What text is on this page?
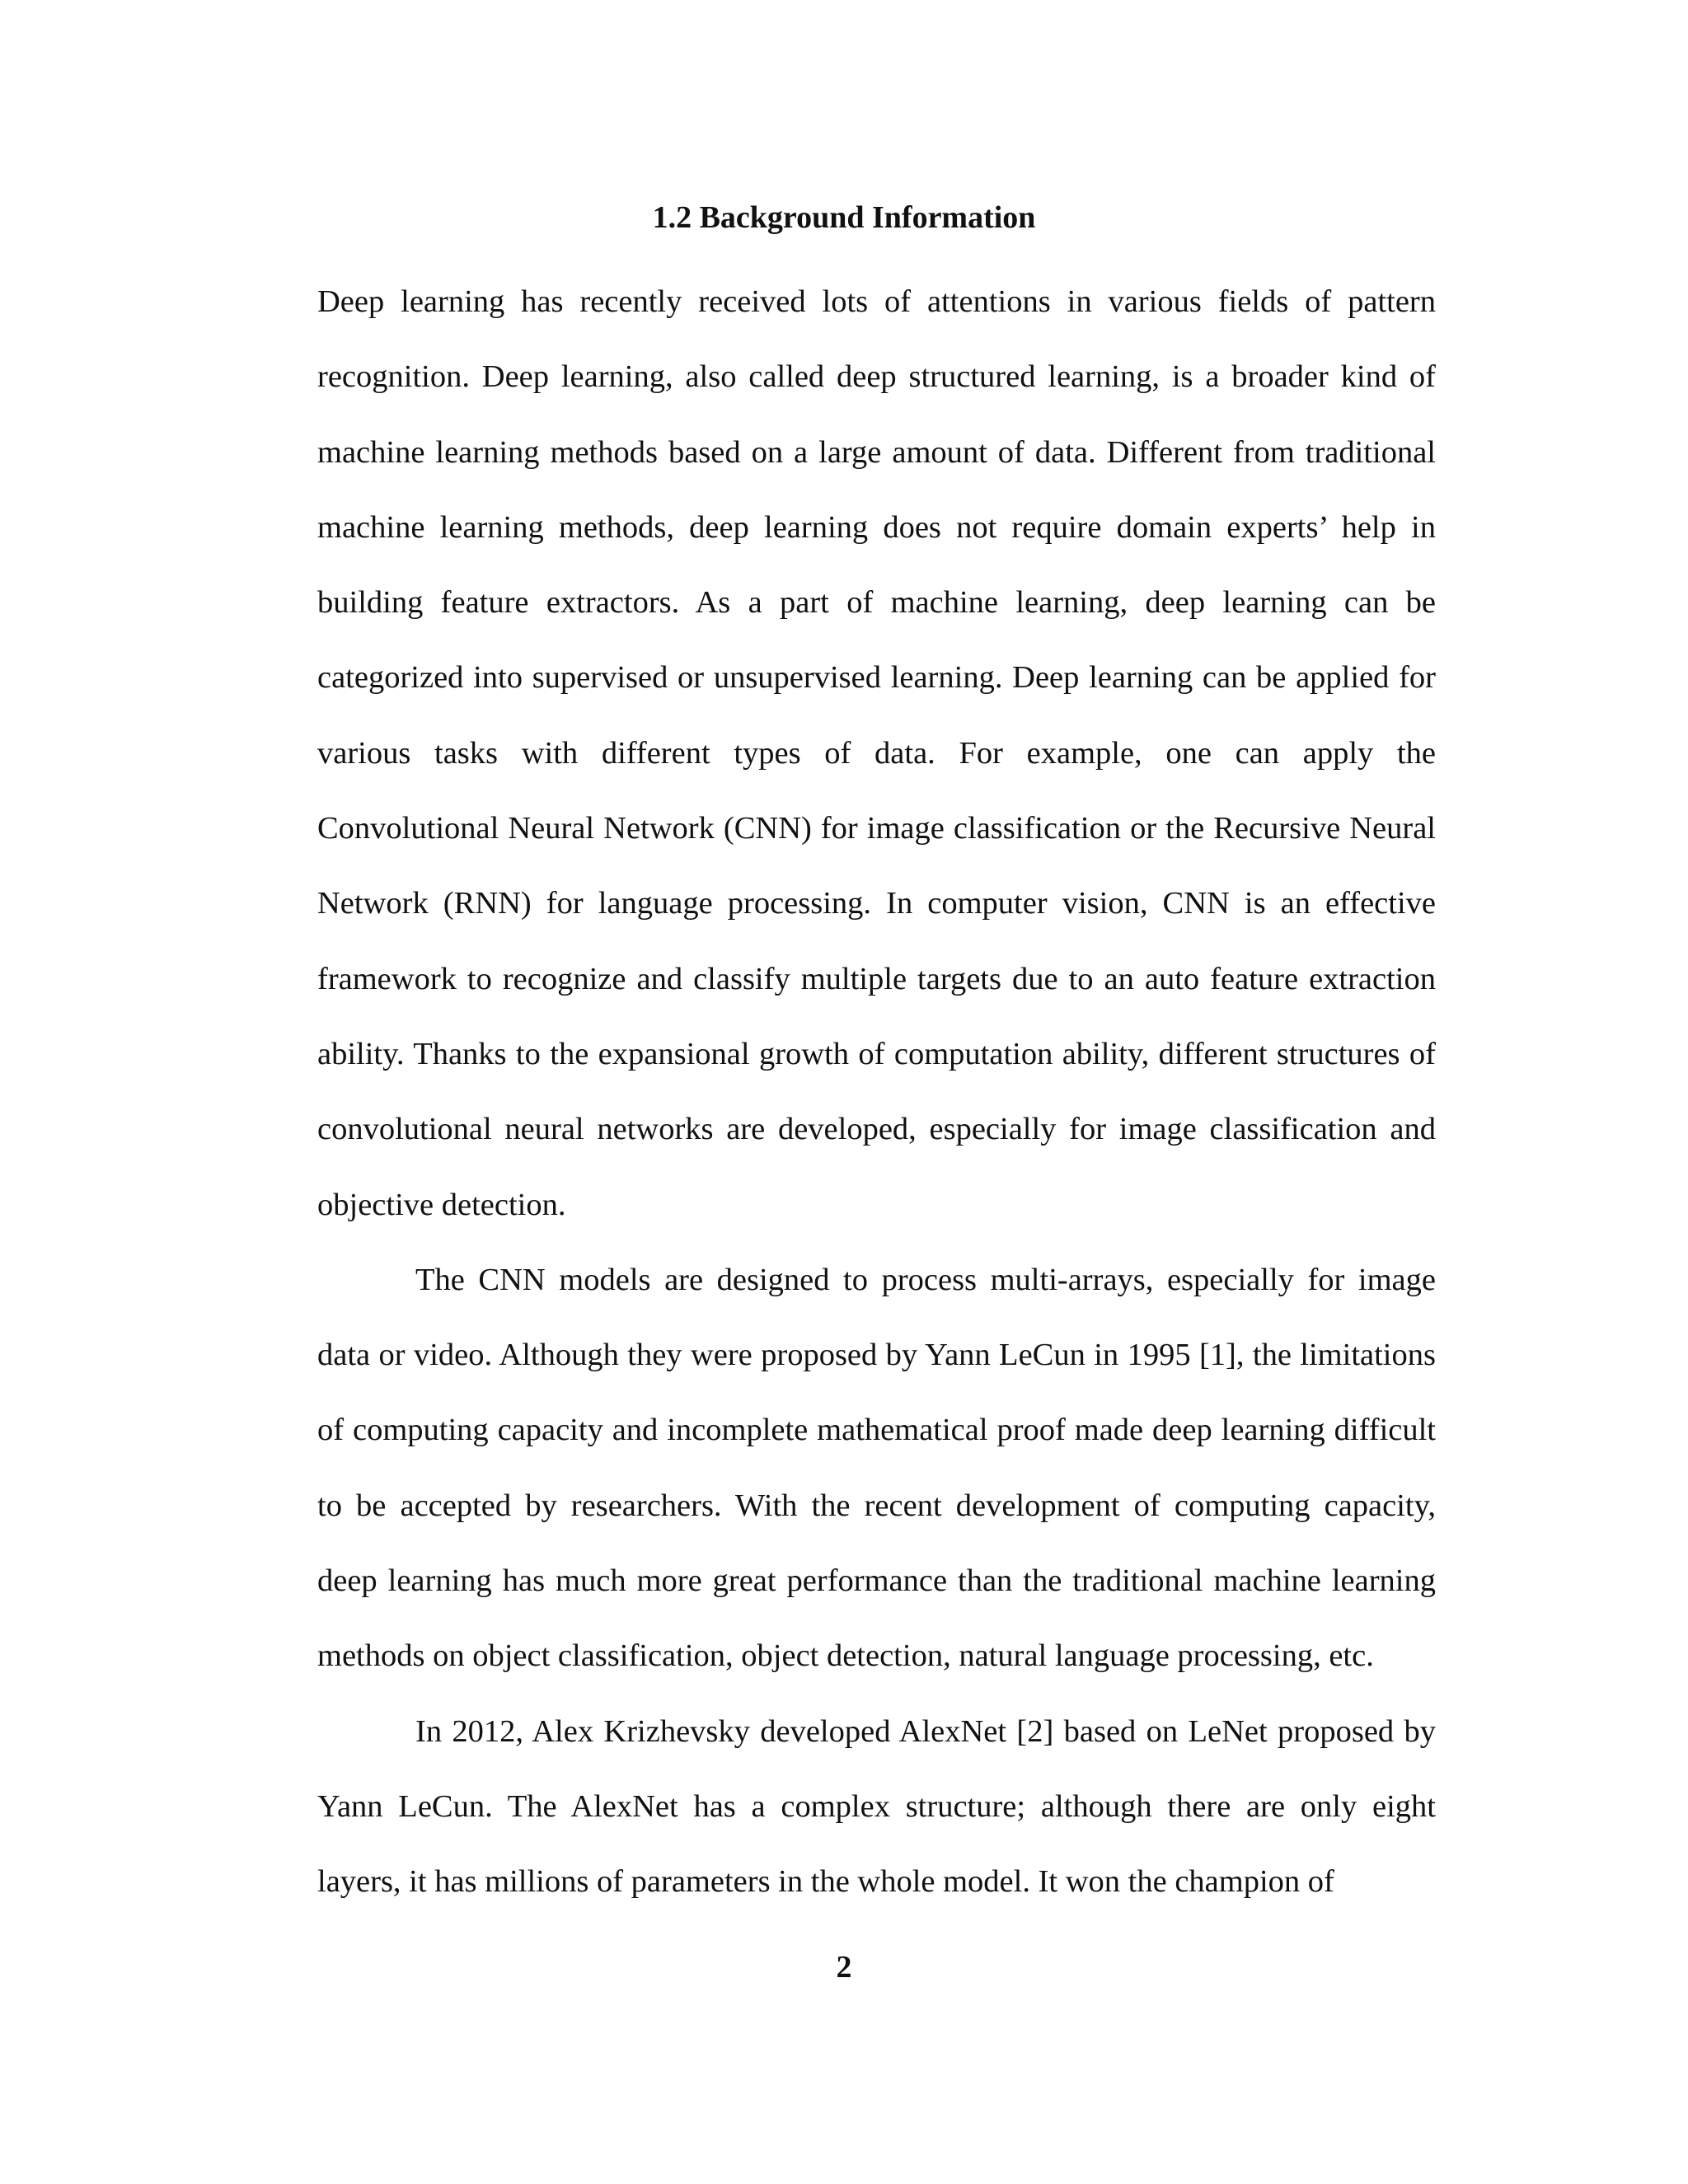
1.2 Background Information

Deep learning has recently received lots of attentions in various fields of pattern recognition. Deep learning, also called deep structured learning, is a broader kind of machine learning methods based on a large amount of data. Different from traditional machine learning methods, deep learning does not require domain experts’ help in building feature extractors. As a part of machine learning, deep learning can be categorized into supervised or unsupervised learning. Deep learning can be applied for various tasks with different types of data. For example, one can apply the Convolutional Neural Network (CNN) for image classification or the Recursive Neural Network (RNN) for language processing. In computer vision, CNN is an effective framework to recognize and classify multiple targets due to an auto feature extraction ability. Thanks to the expansional growth of computation ability, different structures of convolutional neural networks are developed, especially for image classification and objective detection.

The CNN models are designed to process multi-arrays, especially for image data or video. Although they were proposed by Yann LeCun in 1995 [1], the limitations of computing capacity and incomplete mathematical proof made deep learning difficult to be accepted by researchers. With the recent development of computing capacity, deep learning has much more great performance than the traditional machine learning methods on object classification, object detection, natural language processing, etc.

In 2012, Alex Krizhevsky developed AlexNet [2] based on LeNet proposed by Yann LeCun. The AlexNet has a complex structure; although there are only eight layers, it has millions of parameters in the whole model. It won the champion of

2
